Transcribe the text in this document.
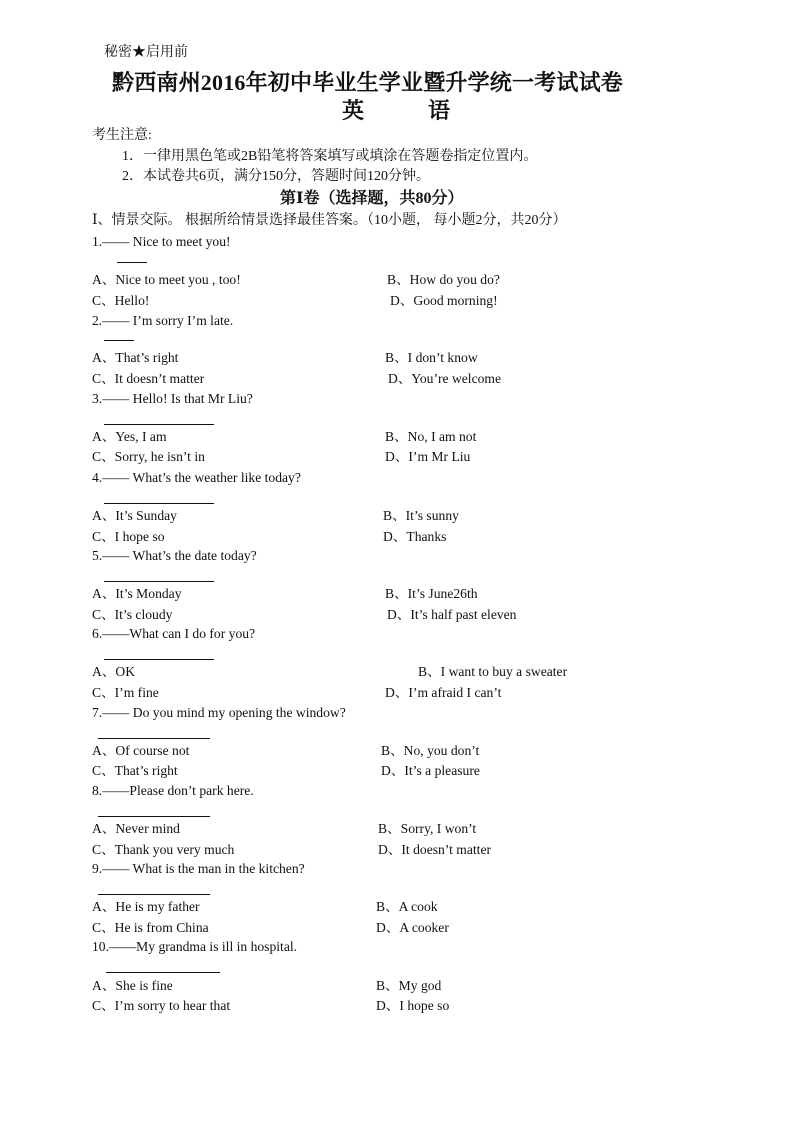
秘密★启用前
黔西南州2016年初中毕业生学业暨升学统一考试试卷
英	语
考生注意:
1．一律用黑色笔或2B铅笔将答案填写或填涂在答题卷指定位置内。
2．本试卷共6页，满分150分，答题时间120分钟。
第Ⅰ卷（选择题，共80分）
Ⅰ、情景交际。 根据所给情景选择最佳答案。（10小题， 每小题2分，共20分）
1.—— Nice to meet you!
A、Nice to meet you , too!	B、How do you do?
C、Hello!	D、Good morning!
2.—— I’m sorry I’m late.
A、That’s right	B、I don’t know
C、It doesn’t matter	D、You’re welcome
3.—— Hello! Is that Mr Liu?
A、Yes, I am	B、No, I am not
C、Sorry, he isn’t in	D、I’m Mr Liu
4.—— What’s the weather like today?
A、It’s Sunday	B、It’s sunny
C、I hope so	D、Thanks
5.—— What’s the date today?
A、It’s Monday	B、It’s June26th
C、It’s cloudy	D、It’s half past eleven
6.——What can I do for you?
A、OK	B、I want to buy a sweater
C、I’m fine	D、I’m afraid I can’t
7.—— Do you mind my opening the window?
A、Of course not	B、No, you don’t
C、That’s right	D、It’s a pleasure
8.——Please don’t park here.
A、Never mind	B、Sorry, I won’t
C、Thank you very much	D、It doesn’t matter
9.—— What is the man in the kitchen?
A、He is my father	B、A cook
C、He is from China	D、A cooker
10.——My grandma is ill in hospital.
A、She is fine	B、My god
C、I’m sorry to hear that	D、I hope so
